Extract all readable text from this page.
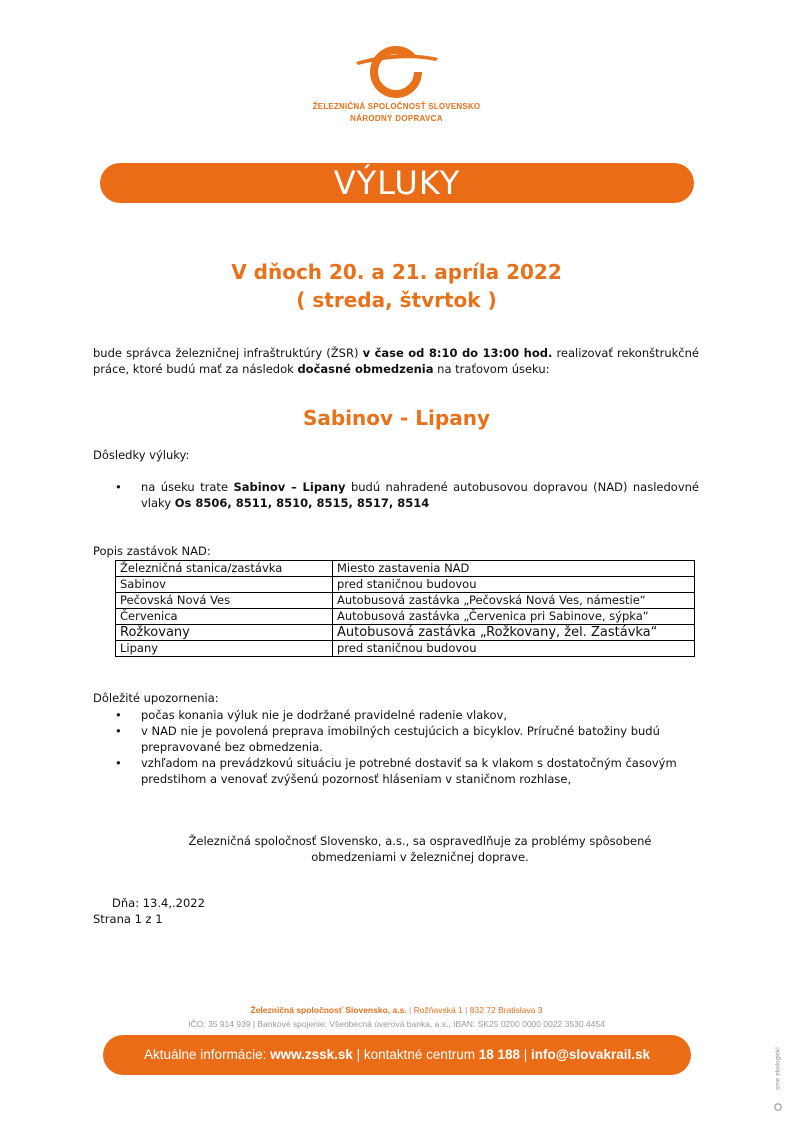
ŽELEZNIČNÁ SPOLOČNOSŤ SLOVENSKO
NÁRODNÝ DOPRAVCA
VÝLUKY
V dňoch 20. a 21. apríla 2022
( streda, štvrtok )
bude správca železničnej infraštruktúry (ŽSR) v čase od 8:10 do 13:00 hod. realizovať rekonštrukčné
práce, ktoré budú mať za následok dočasné obmedzenia na traťovom úseku:
Sabinov - Lipany
Dôsledky výluky:
• na úseku trate Sabinov – Lipany budú nahradené autobusovou dopravou (NAD) nasledovné
vlaky Os 8506, 8511, 8510, 8515, 8517, 8514
Popis zastávok NAD:
Železničná stanica/zastávka	Miesto zastavenia NAD
Sabinov	pred staničnou budovou
Pečovská Nová Ves	Autobusová zastávka „Pečovská Nová Ves, námestie“
Červenica	Autobusová zastávka „Červenica pri Sabinove, sýpka“
Rožkovany	Autobusová zastávka „Rožkovany, žel. Zastávka“
Lipany	pred staničnou budovou
Dôležité upozornenia:
• počas konania výluk nie je dodržané pravidelné radenie vlakov,
• v NAD nie je povolená preprava imobilných cestujúcich a bicyklov. Príručné batožiny budú
prepravované bez obmedzenia.
• vzhľadom na prevádzkovú situáciu je potrebné dostaviť sa k vlakom s dostatočným časovým
predstihom a venovať zvýšenú pozornosť hláseniam v staničnom rozhlase,
Železničná spoločnosť Slovensko, a.s., sa ospravedlňuje za problémy spôsobené
obmedzeniami v železničnej doprave.
Dňa: 13.4,.2022
Strana 1 z 1
Železničná spoločnosť Slovensko, a.s. | Rožňavská 1 | 832 72 Bratislava 3
IČO: 35 914 939 | Bankové spojenie: Všeobecná úverová banka, a.s., IBAN: SK25 0200 0000 0022 3530 4454
Aktuálne informácie: www.zssk.sk | kontaktné centrum 18 188 | info@slovakrail.sk	sme ekologickí
